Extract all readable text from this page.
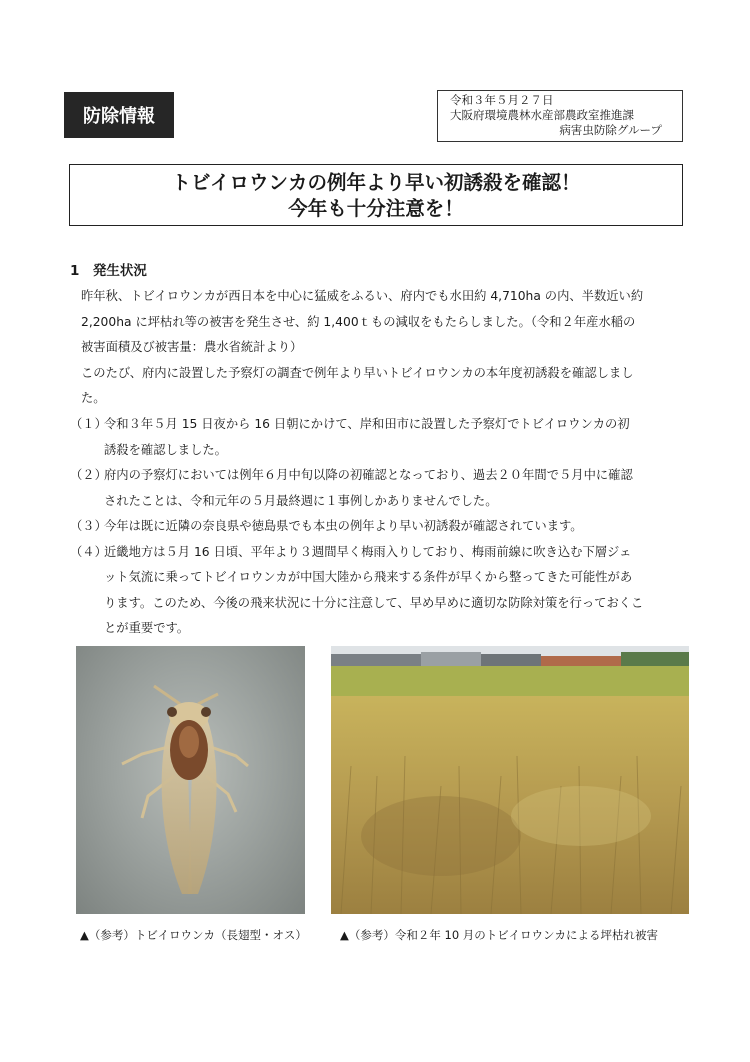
防除情報
令和３年５月２７日
大阪府環境農林水産部農政室推進課
病害虫防除グループ
トビイロウンカの例年より早い初誘殺を確認！
今年も十分注意を！
1　発生状況
昨年秋、トビイロウンカが西日本を中心に猛威をふるい、府内でも水田約 4,710ha の内、半数近い約
2,200ha に坪枯れ等の被害を発生させ、約 1,400ｔもの減収をもたらしました。（令和２年産水稲の
被害面積及び被害量：農水省統計より）
このたび、府内に設置した予察灯の調査で例年より早いトビイロウンカの本年度初誘殺を確認しまし
た。
（１）令和３年５月 15 日夜から 16 日朝にかけて、岸和田市に設置した予察灯でトビイロウンカの初
誘殺を確認しました。
（２）府内の予察灯においては例年６月中旬以降の初確認となっており、過去２０年間で５月中に確認
されたことは、令和元年の５月最終週に１事例しかありませんでした。
（３）今年は既に近隣の奈良県や徳島県でも本虫の例年より早い初誘殺が確認されています。
（４）近畿地方は５月 16 日頃、平年より３週間早く梅雨入りしており、梅雨前線に吹き込む下層ジェ
ット気流に乗ってトビイロウンカが中国大陸から飛来する条件が早くから整ってきた可能性があ
ります。このため、今後の飛来状況に十分に注意して、早め早めに適切な防除対策を行っておくこ
とが重要です。
▲（参考）トビイロウンカ（長翅型・オス）	▲（参考）令和２年 10 月のトビイロウンカによる坪枯れ被害
